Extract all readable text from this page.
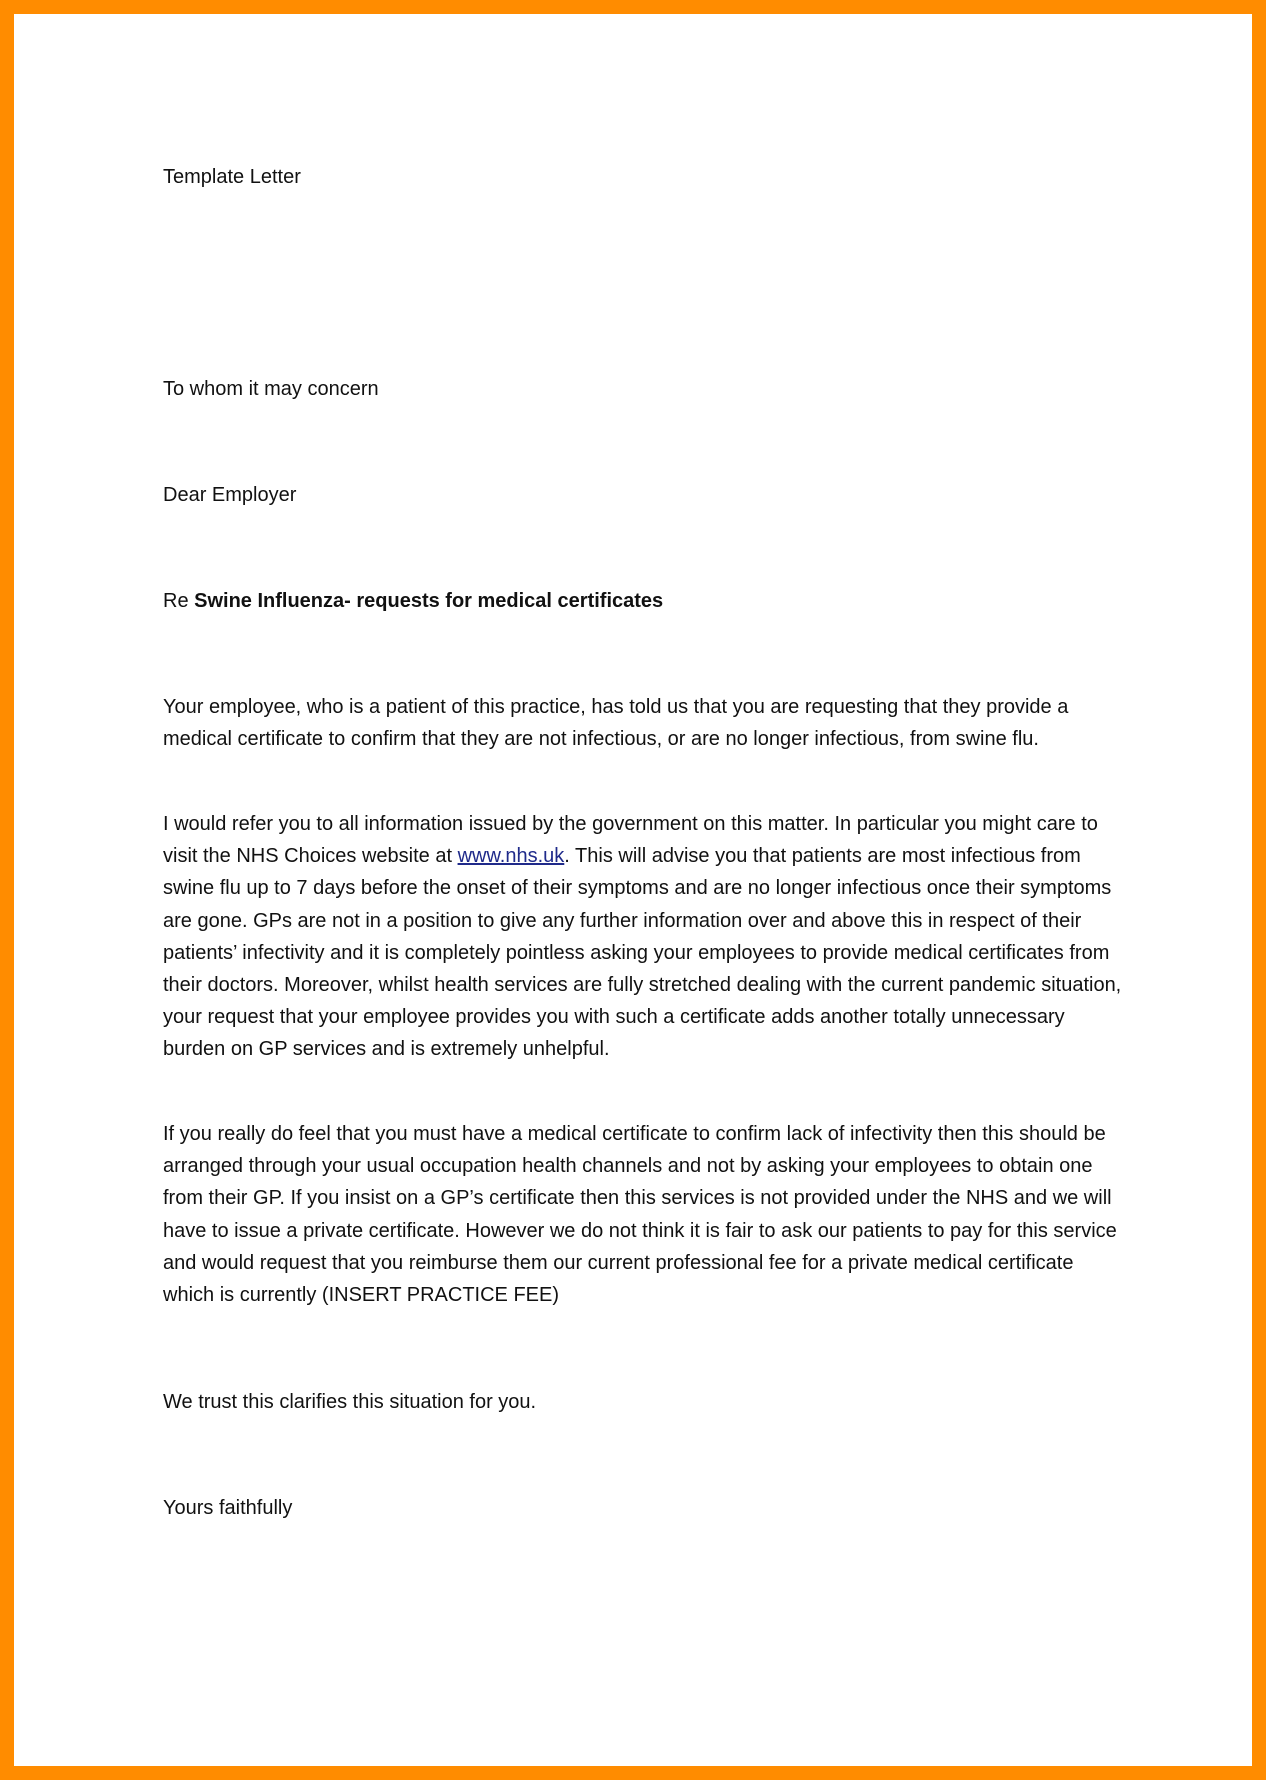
Template Letter
To whom it may concern
Dear Employer
Re Swine Influenza- requests for medical certificates
Your employee, who is a patient of this practice, has told us that you are requesting that they provide a medical certificate to confirm that they are not infectious, or are no longer infectious, from swine flu.
I would refer you to all information issued by the government on this matter. In particular you might care to visit the NHS Choices website at www.nhs.uk. This will advise you that patients are most infectious from swine flu up to 7 days before the onset of their symptoms and are no longer infectious once their symptoms are gone. GPs are not in a position to give any further information over and above this in respect of their patients’ infectivity and it is completely pointless asking your employees to provide medical certificates from their doctors. Moreover, whilst health services are fully stretched dealing with the current pandemic situation, your request that your employee provides you with such a certificate adds another totally unnecessary burden on GP services and is extremely unhelpful.
If you really do feel that you must have a medical certificate to confirm lack of infectivity then this should be arranged through your usual occupation health channels and not by asking your employees to obtain one from their GP. If you insist on a GP’s certificate then this services is not provided under the NHS and we will have to issue a private certificate. However we do not think it is fair to ask our patients to pay for this service and would request that you reimburse them our current professional fee for a private medical certificate which is currently (INSERT PRACTICE FEE)
We trust this clarifies this situation for you.
Yours faithfully
